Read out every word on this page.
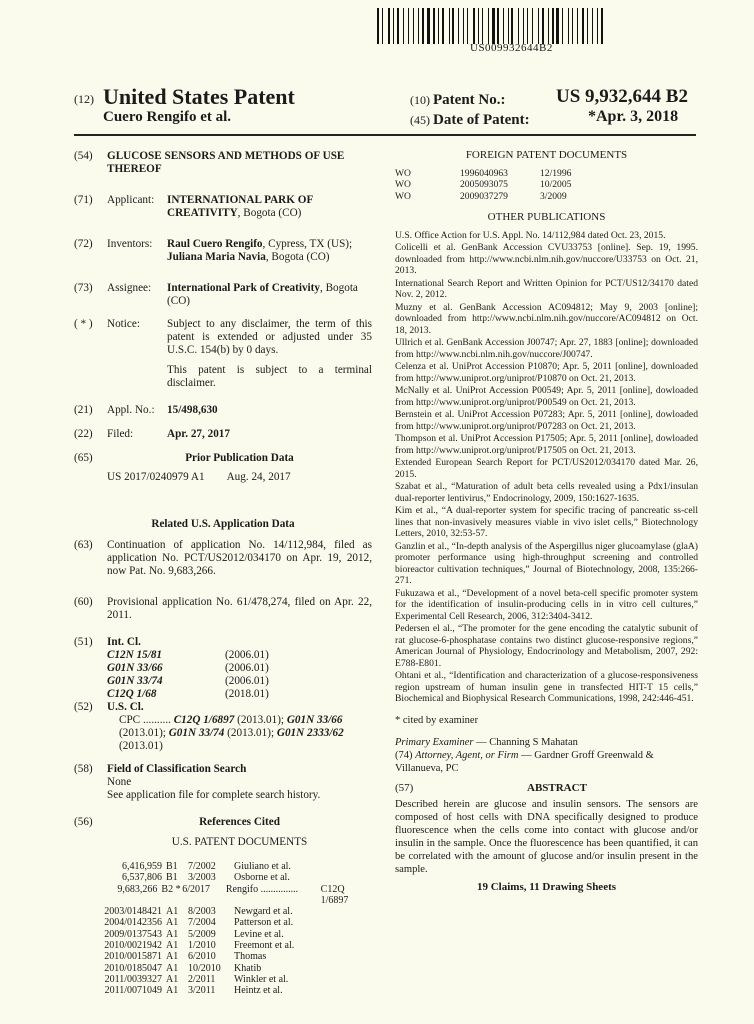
US009932644B2
(12) United States Patent
Cuero Rengifo et al.
(10) Patent No.:	US 9,932,644 B2
(45) Date of Patent:	*Apr. 3, 2018
(54)	GLUCOSE SENSORS AND METHODS OF USE THEREOF
(71)	Applicant:	INTERNATIONAL PARK OF CREATIVITY, Bogota (CO)
(72)	Inventors:	Raul Cuero Rengifo, Cypress, TX (US); Juliana Maria Navia, Bogota (CO)
(73)	Assignee:	International Park of Creativity, Bogota (CO)
( * )	Notice:	Subject to any disclaimer, the term of this patent is extended or adjusted under 35 U.S.C. 154(b) by 0 days.
This patent is subject to a terminal disclaimer.
(21)	Appl. No.:	15/498,630
(22)	Filed:	Apr. 27, 2017
(65)	Prior Publication Data
US 2017/0240979 A1 Aug. 24, 2017
Related U.S. Application Data
(63)	Continuation of application No. 14/112,984, filed as application No. PCT/US2012/034170 on Apr. 19, 2012, now Pat. No. 9,683,266.
(60)	Provisional application No. 61/478,274, filed on Apr. 22, 2011.
(51)	Int. Cl.
C12N 15/81	(2006.01)
G01N 33/66	(2006.01)
G01N 33/74	(2006.01)
C12Q 1/68	(2018.01)
(52)	U.S. Cl.
CPC .......... C12Q 1/6897 (2013.01); G01N 33/66 (2013.01); G01N 33/74 (2013.01); G01N 2333/62 (2013.01)
(58)	Field of Classification Search
None
See application file for complete search history.
(56)	References Cited
U.S. PATENT DOCUMENTS
6,416,959 B1	7/2002	Giuliano et al.
6,537,806 B1	3/2003	Osborne et al.
9,683,266 B2 * 6/2017	Rengifo ...............	C12Q 1/6897
2003/0148421 A1 8/2003	Newgard et al.
2004/0142356 A1 7/2004	Patterson et al.
2009/0137543 A1 5/2009	Levine et al.
2010/0021942 A1 1/2010	Freemont et al.
2010/0015871 A1 6/2010	Thomas
2010/0185047 A1 10/2010	Khatib
2011/0039327 A1 2/2011	Winkler et al.
2011/0071049 A1 3/2011	Heintz et al.
FOREIGN PATENT DOCUMENTS
WO	1996040963	12/1996
WO	2005093075	10/2005
WO	2009037279	3/2009
OTHER PUBLICATIONS
U.S. Office Action for U.S. Appl. No. 14/112,984 dated Oct. 23, 2015.
Colicelli et al. GenBank Accession CVU33753 [online]. Sep. 19, 1995. downloaded from http://www.ncbi.nlm.nih.gov/nuccore/U33753 on Oct. 21, 2013.
International Search Report and Written Opinion for PCT/US12/34170 dated Nov. 2, 2012.
Muzny et al. GenBank Accession AC094812; May 9, 2003 [online]; downloaded from http://www.ncbi.nlm.nih.gov/nuccore/AC094812 on Oct. 18, 2013.
Ullrich et al. GenBank Accession J00747; Apr. 27, 1883 [online]; downloaded from http://www.ncbi.nlm.nih.gov/nuccore/J00747.
Celenza et al. UniProt Accession P10870; Apr. 5, 2011 [online], downloaded from http://www.uniprot.org/uniprot/P10870 on Oct. 21, 2013.
McNally et al. UniProt Accession P00549; Apr. 5, 2011 [online], dowloaded from http://www.uniprot.org/uniprot/P00549 on Oct. 21, 2013.
Bernstein et al. UniProt Accession P07283; Apr. 5, 2011 [online], dowloaded from http://www.uniprot.org/uniprot/P07283 on Oct. 21, 2013.
Thompson et al. UniProt Accession P17505; Apr. 5, 2011 [online], dowloaded from http://www.uniprot.org/uniprot/P17505 on Oct. 21, 2013.
Extended European Search Report for PCT/US2012/034170 dated Mar. 26, 2015.
Szabat et al., “Maturation of adult beta cells revealed using a Pdx1/insulan dual-reporter lentivirus,” Endocrinology, 2009, 150:1627-1635.
Kim et al., “A dual-reporter system for specific tracing of pancreatic ss-cell lines that non-invasively measures viable in vivo islet cells,” Biotechnology Letters, 2010, 32:53-57.
Ganzlin et al., “In-depth analysis of the Aspergillus niger glucoamylase (glaA) promoter performance using high-throughput screening and controlled bioreactor cultivation techniques,” Journal of Biotechnology, 2008, 135:266-271.
Fukuzawa et al., “Development of a novel beta-cell specific promoter system for the identification of insulin-producing cells in in vitro cell cultures,” Experimental Cell Research, 2006, 312:3404-3412.
Pedersen el al., “The promoter for the gene encoding the catalytic subunit of rat glucose-6-phosphatase contains two distinct glucose-responsive regions,” American Journal of Physiology, Endocrinology and Metabolism, 2007, 292: E788-E801.
Ohtani et al., “Identification and characterization of a glucose-responsiveness region upstream of human insulin gene in transfected HIT-T 15 cells,” Biochemical and Biophysical Research Communications, 1998, 242:446-451.
* cited by examiner
Primary Examiner — Channing S Mahatan
(74) Attorney, Agent, or Firm — Gardner Groff Greenwald & Villanueva, PC
(57)	ABSTRACT
Described herein are glucose and insulin sensors. The sensors are composed of host cells with DNA specifically designed to produce fluorescence when the cells come into contact with glucose and/or insulin in the sample. Once the fluorescence has been quantified, it can be correlated with the amount of glucose and/or insulin present in the sample.
19 Claims, 11 Drawing Sheets
